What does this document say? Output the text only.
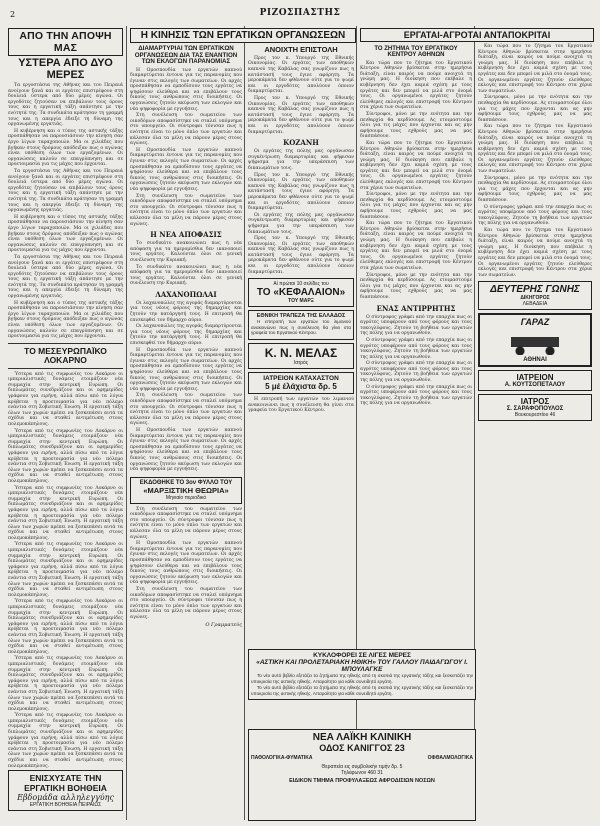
2	ΡΙΖΟΣΠΑΣΤΗΣ
ΑΠΟ ΤΗΝ ΑΠΟΨΗ ΜΑΣ
ΥΣΤΕΡΑ ΑΠΟ ΔΥΟ ΜΕΡΕΣ

Τα εργοστάσια της Αθήνας και του Πειραιά ανοίγουν ξανά και οι εργάτες επιστρέφουν στη δουλειά ύστερα από δύο μέρες αγώνα. Οι εργοδότες ζητούσαν να επιβάλουν τους όρους τους και η εργατική τάξη απάντησε με την ενότητά της. Τα συνδικάτα κράτησαν τη γραμμή τους και η απεργία έδειξε τη δύναμη της οργανωμένης εργατιάς.

Η κυβέρνηση και ο τύπος της αστικής τάξης προσπάθησαν να παρουσιάσουν την κίνηση σαν έργο λίγων ταραχοποιών. Μα οι χιλιάδες που βγήκαν στους δρόμους απόδειξαν πως ο αγώνας είναι υπόθεση όλων των εργαζομένων. Οι οργανώσεις καλούν σε επαγρύπνηση και σε προετοιμασία για τις μάχες που έρχονται.

Τα εργοστάσια της Αθήνας και του Πειραιά ανοίγουν ξανά και οι εργάτες επιστρέφουν στη δουλειά ύστερα από δύο μέρες αγώνα. Οι εργοδότες ζητούσαν να επιβάλουν τους όρους τους και η εργατική τάξη απάντησε με την ενότητά της. Τα συνδικάτα κράτησαν τη γραμμή τους και η απεργία έδειξε τη δύναμη της οργανωμένης εργατιάς.

Η κυβέρνηση και ο τύπος της αστικής τάξης προσπάθησαν να παρουσιάσουν την κίνηση σαν έργο λίγων ταραχοποιών. Μα οι χιλιάδες που βγήκαν στους δρόμους απόδειξαν πως ο αγώνας είναι υπόθεση όλων των εργαζομένων. Οι οργανώσεις καλούν σε επαγρύπνηση και σε προετοιμασία για τις μάχες που έρχονται.

Τα εργοστάσια της Αθήνας και του Πειραιά ανοίγουν ξανά και οι εργάτες επιστρέφουν στη δουλειά ύστερα από δύο μέρες αγώνα. Οι εργοδότες ζητούσαν να επιβάλουν τους όρους τους και η εργατική τάξη απάντησε με την ενότητά της. Τα συνδικάτα κράτησαν τη γραμμή τους και η απεργία έδειξε τη δύναμη της οργανωμένης εργατιάς.

Η κυβέρνηση και ο τύπος της αστικής τάξης προσπάθησαν να παρουσιάσουν την κίνηση σαν έργο λίγων ταραχοποιών. Μα οι χιλιάδες που βγήκαν στους δρόμους απόδειξαν πως ο αγώνας είναι υπόθεση όλων των εργαζομένων. Οι οργανώσεις καλούν σε επαγρύπνηση και σε προετοιμασία για τις μάχες που έρχονται.

ΤΟ ΜΕΣΕΥΡΩΠΑΪΚΟ ΛΟΚΑΡΝΟ

Ύστερα από τις συμφωνίες του Λοκάρνο οι ιμπεριαλιστικές δυνάμεις ετοιμάζουν νέα συμμαχία στην κεντρική Ευρώπη. Οι διπλωμάτες συνεδριάζουν και οι εφημερίδες γράφουν για ειρήνη, αλλά πίσω από τα λόγια κρύβεται η προετοιμασία για νέο πόλεμο ενάντια στη Σοβιετική Ένωση. Η εργατική τάξη όλων των χωρών πρέπει να ξεσκεπάσει αυτά τα σχέδια και να σταθεί αντιμέτωπη στους πολεμοκάπηλους.

Ύστερα από τις συμφωνίες του Λοκάρνο οι ιμπεριαλιστικές δυνάμεις ετοιμάζουν νέα συμμαχία στην κεντρική Ευρώπη. Οι διπλωμάτες συνεδριάζουν και οι εφημερίδες γράφουν για ειρήνη, αλλά πίσω από τα λόγια κρύβεται η προετοιμασία για νέο πόλεμο ενάντια στη Σοβιετική Ένωση. Η εργατική τάξη όλων των χωρών πρέπει να ξεσκεπάσει αυτά τα σχέδια και να σταθεί αντιμέτωπη στους πολεμοκάπηλους.

Ύστερα από τις συμφωνίες του Λοκάρνο οι ιμπεριαλιστικές δυνάμεις ετοιμάζουν νέα συμμαχία στην κεντρική Ευρώπη. Οι διπλωμάτες συνεδριάζουν και οι εφημερίδες γράφουν για ειρήνη, αλλά πίσω από τα λόγια κρύβεται η προετοιμασία για νέο πόλεμο ενάντια στη Σοβιετική Ένωση. Η εργατική τάξη όλων των χωρών πρέπει να ξεσκεπάσει αυτά τα σχέδια και να σταθεί αντιμέτωπη στους πολεμοκάπηλους.

Ύστερα από τις συμφωνίες του Λοκάρνο οι ιμπεριαλιστικές δυνάμεις ετοιμάζουν νέα συμμαχία στην κεντρική Ευρώπη. Οι διπλωμάτες συνεδριάζουν και οι εφημερίδες γράφουν για ειρήνη, αλλά πίσω από τα λόγια κρύβεται η προετοιμασία για νέο πόλεμο ενάντια στη Σοβιετική Ένωση. Η εργατική τάξη όλων των χωρών πρέπει να ξεσκεπάσει αυτά τα σχέδια και να σταθεί αντιμέτωπη στους πολεμοκάπηλους.

Ύστερα από τις συμφωνίες του Λοκάρνο οι ιμπεριαλιστικές δυνάμεις ετοιμάζουν νέα συμμαχία στην κεντρική Ευρώπη. Οι διπλωμάτες συνεδριάζουν και οι εφημερίδες γράφουν για ειρήνη, αλλά πίσω από τα λόγια κρύβεται η προετοιμασία για νέο πόλεμο ενάντια στη Σοβιετική Ένωση. Η εργατική τάξη όλων των χωρών πρέπει να ξεσκεπάσει αυτά τα σχέδια και να σταθεί αντιμέτωπη στους πολεμοκάπηλους.

Ύστερα από τις συμφωνίες του Λοκάρνο οι ιμπεριαλιστικές δυνάμεις ετοιμάζουν νέα συμμαχία στην κεντρική Ευρώπη. Οι διπλωμάτες συνεδριάζουν και οι εφημερίδες γράφουν για ειρήνη, αλλά πίσω από τα λόγια κρύβεται η προετοιμασία για νέο πόλεμο ενάντια στη Σοβιετική Ένωση. Η εργατική τάξη όλων των χωρών πρέπει να ξεσκεπάσει αυτά τα σχέδια και να σταθεί αντιμέτωπη στους πολεμοκάπηλους.

Ύστερα από τις συμφωνίες του Λοκάρνο οι ιμπεριαλιστικές δυνάμεις ετοιμάζουν νέα συμμαχία στην κεντρική Ευρώπη. Οι διπλωμάτες συνεδριάζουν και οι εφημερίδες γράφουν για ειρήνη, αλλά πίσω από τα λόγια κρύβεται η προετοιμασία για νέο πόλεμο ενάντια στη Σοβιετική Ένωση. Η εργατική τάξη όλων των χωρών πρέπει να ξεσκεπάσει αυτά τα σχέδια και να σταθεί αντιμέτωπη στους πολεμοκάπηλους.

ΕΝΙΣΧΥΣΑΤΕ ΤΗΝ ΕΡΓΑΤΙΚΗ ΒΟΗΘΕΙΑ
Εβδομάδα αλληλεγγύης
ΕΡΓΑΤΙΚΗ ΒΟΗΘΕΙΑ ΠΕΙΡΑΙΩΣ
Η ΚΙΝΗΣΙΣ ΤΩΝ ΕΡΓΑΤΙΚΩΝ ΟΡΓΑΝΩΣΕΩΝ
ΔΙΑΜΑΡΤΥΡΙΑΙ ΤΩΝ ΕΡΓΑΤΙΚΩΝ ΟΡΓΑΝΩΣΕΩΝ ΔΙΑ ΤΑΣ ΕΝΑΝΤΙΟΝ ΤΩΝ ΕΚΛΟΓΩΝ ΠΑΡΑΝΟΜΙΑΣ

Η Ομοσπονδία των εργατών καπνού διαμαρτύρεται έντονα για τις παρανομίες που έγιναν στις εκλογές των σωματείων. Οι αρχές προσπάθησαν να εμποδίσουν τους εργάτες να ψηφίσουν ελεύθερα και να επιβάλουν τους δικούς τους ανθρώπους στις διοικήσεις. Οι οργανώσεις ζητούν ακύρωση των εκλογών και νέα ψηφοφορία με εγγυήσεις.

Στη συνέλευση του σωματείου των οικοδόμων αποφασίστηκε να σταλεί υπόμνημα στο υπουργείο. Οι σύντροφοι τόνισαν πως η ενότητα είναι το μόνο όπλο των εργατών και κάλεσαν όλα τα μέλη να πάρουν μέρος στους αγώνες.

Η Ομοσπονδία των εργατών καπνού διαμαρτύρεται έντονα για τις παρανομίες που έγιναν στις εκλογές των σωματείων. Οι αρχές προσπάθησαν να εμποδίσουν τους εργάτες να ψηφίσουν ελεύθερα και να επιβάλουν τους δικούς τους ανθρώπους στις διοικήσεις. Οι οργανώσεις ζητούν ακύρωση των εκλογών και νέα ψηφοφορία με εγγυήσεις.

Στη συνέλευση του σωματείου των οικοδόμων αποφασίστηκε να σταλεί υπόμνημα στο υπουργείο. Οι σύντροφοι τόνισαν πως η ενότητα είναι το μόνο όπλο των εργατών και κάλεσαν όλα τα μέλη να πάρουν μέρος στους αγώνες.

Η ΝΕΑ ΑΠΟΦΑΣΙΣ

Το συνδικάτο ανακοινώνει πως η νέα απόφαση για τα ημερομίσθια δεν ικανοποιεί τους εργάτες. Καλούνται όλοι σε γενική συνέλευση την Κυριακή.

Το συνδικάτο ανακοινώνει πως η νέα απόφαση για τα ημερομίσθια δεν ικανοποιεί τους εργάτες. Καλούνται όλοι σε γενική συνέλευση την Κυριακή.

ΛΑΧΑΝΟΠΩΛΑΙ

Οι λαχανοπώλες της αγοράς διαμαρτύρονται για τους νέους φόρους της δημαρχίας και ζητούν την κατάργησή τους. Η επιτροπή θα επισκεφθεί τον δήμαρχο αύριο.

Οι λαχανοπώλες της αγοράς διαμαρτύρονται για τους νέους φόρους της δημαρχίας και ζητούν την κατάργησή τους. Η επιτροπή θα επισκεφθεί τον δήμαρχο αύριο.

Η Ομοσπονδία των εργατών καπνού διαμαρτύρεται έντονα για τις παρανομίες που έγιναν στις εκλογές των σωματείων. Οι αρχές προσπάθησαν να εμποδίσουν τους εργάτες να ψηφίσουν ελεύθερα και να επιβάλουν τους δικούς τους ανθρώπους στις διοικήσεις. Οι οργανώσεις ζητούν ακύρωση των εκλογών και νέα ψηφοφορία με εγγυήσεις.

Στη συνέλευση του σωματείου των οικοδόμων αποφασίστηκε να σταλεί υπόμνημα στο υπουργείο. Οι σύντροφοι τόνισαν πως η ενότητα είναι το μόνο όπλο των εργατών και κάλεσαν όλα τα μέλη να πάρουν μέρος στους αγώνες.

Η Ομοσπονδία των εργατών καπνού διαμαρτύρεται έντονα για τις παρανομίες που έγιναν στις εκλογές των σωματείων. Οι αρχές προσπάθησαν να εμποδίσουν τους εργάτες να ψηφίσουν ελεύθερα και να επιβάλουν τους δικούς τους ανθρώπους στις διοικήσεις. Οι οργανώσεις ζητούν ακύρωση των εκλογών και νέα ψηφοφορία με εγγυήσεις.

ΕΚΔΟΘΗΚΕ ΤΟ 3ον ΦΥΛΛΟ ΤΟΥ
«ΜΑΡΞΙΣΤΙΚΗ ΘΕΩΡΙΑ»
Μηνιαίο περιοδικό

Στη συνέλευση του σωματείου των οικοδόμων αποφασίστηκε να σταλεί υπόμνημα στο υπουργείο. Οι σύντροφοι τόνισαν πως η ενότητα είναι το μόνο όπλο των εργατών και κάλεσαν όλα τα μέλη να πάρουν μέρος στους αγώνες.

Η Ομοσπονδία των εργατών καπνού διαμαρτύρεται έντονα για τις παρανομίες που έγιναν στις εκλογές των σωματείων. Οι αρχές προσπάθησαν να εμποδίσουν τους εργάτες να ψηφίσουν ελεύθερα και να επιβάλουν τους δικούς τους ανθρώπους στις διοικήσεις. Οι οργανώσεις ζητούν ακύρωση των εκλογών και νέα ψηφοφορία με εγγυήσεις.

Στη συνέλευση του σωματείου των οικοδόμων αποφασίστηκε να σταλεί υπόμνημα στο υπουργείο. Οι σύντροφοι τόνισαν πως η ενότητα είναι το μόνο όπλο των εργατών και κάλεσαν όλα τα μέλη να πάρουν μέρος στους αγώνες.

Ο Γραμματεύς
ΑΝΟΙΧΤΗ ΕΠΙΣΤΟΛΗ

Προς τον κ. Υπουργό της Εθνικής Οικονομίας. Οι εργάτες των αποθηκών καπνού της Καβάλας σας γνωρίζουν πως η κατάστασή τους έγινε αφόρητη. Τα μεροκάματα δεν φθάνουν ούτε για το ψωμί και οι εργοδότες απολύουν όποιον διαμαρτύρεται.

Προς τον κ. Υπουργό της Εθνικής Οικονομίας. Οι εργάτες των αποθηκών καπνού της Καβάλας σας γνωρίζουν πως η κατάστασή τους έγινε αφόρητη. Τα μεροκάματα δεν φθάνουν ούτε για το ψωμί και οι εργοδότες απολύουν όποιον διαμαρτύρεται.

ΚΟΖΑΝΗ

Οι εργάτες της πόλης μας οργάνωσαν συγκέντρωση διαμαρτυρίας και ψήφισαν ψήφισμα για την υπεράσπιση των δικαιωμάτων τους.

Προς τον κ. Υπουργό της Εθνικής Οικονομίας. Οι εργάτες των αποθηκών καπνού της Καβάλας σας γνωρίζουν πως η κατάστασή τους έγινε αφόρητη. Τα μεροκάματα δεν φθάνουν ούτε για το ψωμί και οι εργοδότες απολύουν όποιον διαμαρτύρεται.

Οι εργάτες της πόλης μας οργάνωσαν συγκέντρωση διαμαρτυρίας και ψήφισαν ψήφισμα για την υπεράσπιση των δικαιωμάτων τους.

Προς τον κ. Υπουργό της Εθνικής Οικονομίας. Οι εργάτες των αποθηκών καπνού της Καβάλας σας γνωρίζουν πως η κατάστασή τους έγινε αφόρητη. Τα μεροκάματα δεν φθάνουν ούτε για το ψωμί και οι εργοδότες απολύουν όποιον διαμαρτύρεται.

Αί πρώται 10 σελίδες του
ΤΟ «ΚΕΦΑΛΑΙΟΝ»
ΤΟΥ ΜΑΡΞ
ΕΘΝΙΚΗ ΤΡΑΠΕΖΑ ΤΗΣ ΕΛΛΑΔΟΣ

Η επιτροπή των εργατών του λιμανιού ανακοινώνει πως η συνέλευση θα γίνει στα γραφεία του Εργατικού Κέντρου.

Κ. Ν. ΜΕΛΑΣ
Ιατρός
ΙΑΤΡΕΙΟΝ ΚΑΤΑΧΑΣΤΟΝ
5 μέ έλάχιστα δρ. 5

Η επιτροπή των εργατών του λιμανιού ανακοινώνει πως η συνέλευση θα γίνει στα γραφεία του Εργατικού Κέντρου.

ΕΡΓΑΤΑΙ-ΑΓΡΟΤΑΙ ΑΝΤΑΠΟΚΡΙΤΑΙ
ΤΟ ΖΗΤΗΜΑ ΤΟΥ ΕΡΓΑΤΙΚΟΥ ΚΕΝΤΡΟΥ ΑΘΗΝΩΝ

Και τώρα που το ζήτημα του Εργατικού Κέντρου Αθηνών βρίσκεται στην ημερήσια διάταξη, είναι καιρός να πούμε ανοιχτά τη γνώμη μας. Η διοίκηση που επέβαλε η κυβέρνηση δεν έχει καμιά σχέση με τους εργάτες και δεν μπορεί να μιλά στο όνομά τους. Οι οργανωμένοι εργάτες ζητούν ελεύθερες εκλογές και επιστροφή του Κέντρου στα χέρια των σωματείων.

Σύντροφοι, μόνο με την ενότητα και την πειθαρχία θα κερδίσουμε. Ας ετοιμαστούμε όλοι για τις μάχες που έρχονται και ας μην αφήσουμε τους εχθρούς μας να μας διασπάσουν.

Και τώρα που το ζήτημα του Εργατικού Κέντρου Αθηνών βρίσκεται στην ημερήσια διάταξη, είναι καιρός να πούμε ανοιχτά τη γνώμη μας. Η διοίκηση που επέβαλε η κυβέρνηση δεν έχει καμιά σχέση με τους εργάτες και δεν μπορεί να μιλά στο όνομά τους. Οι οργανωμένοι εργάτες ζητούν ελεύθερες εκλογές και επιστροφή του Κέντρου στα χέρια των σωματείων.

Σύντροφοι, μόνο με την ενότητα και την πειθαρχία θα κερδίσουμε. Ας ετοιμαστούμε όλοι για τις μάχες που έρχονται και ας μην αφήσουμε τους εχθρούς μας να μας διασπάσουν.

Και τώρα που το ζήτημα του Εργατικού Κέντρου Αθηνών βρίσκεται στην ημερήσια διάταξη, είναι καιρός να πούμε ανοιχτά τη γνώμη μας. Η διοίκηση που επέβαλε η κυβέρνηση δεν έχει καμιά σχέση με τους εργάτες και δεν μπορεί να μιλά στο όνομά τους. Οι οργανωμένοι εργάτες ζητούν ελεύθερες εκλογές και επιστροφή του Κέντρου στα χέρια των σωματείων.

Σύντροφοι, μόνο με την ενότητα και την πειθαρχία θα κερδίσουμε. Ας ετοιμαστούμε όλοι για τις μάχες που έρχονται και ας μην αφήσουμε τους εχθρούς μας να μας διασπάσουν.

ΕΝΑΣ ΑΝΤΙΡΡΗΤΗΣ

Ο σύντροφος γράφει από την επαρχία πως οι αγρότες υποφέρουν από τους φόρους και τους τοκογλύφους. Ζητούν τη βοήθεια των εργατών της πόλης για να οργανωθούν.

Ο σύντροφος γράφει από την επαρχία πως οι αγρότες υποφέρουν από τους φόρους και τους τοκογλύφους. Ζητούν τη βοήθεια των εργατών της πόλης για να οργανωθούν.

Ο σύντροφος γράφει από την επαρχία πως οι αγρότες υποφέρουν από τους φόρους και τους τοκογλύφους. Ζητούν τη βοήθεια των εργατών της πόλης για να οργανωθούν.

Ο σύντροφος γράφει από την επαρχία πως οι αγρότες υποφέρουν από τους φόρους και τους τοκογλύφους. Ζητούν τη βοήθεια των εργατών της πόλης για να οργανωθούν.

Και τώρα που το ζήτημα του Εργατικού Κέντρου Αθηνών βρίσκεται στην ημερήσια διάταξη, είναι καιρός να πούμε ανοιχτά τη γνώμη μας. Η διοίκηση που επέβαλε η κυβέρνηση δεν έχει καμιά σχέση με τους εργάτες και δεν μπορεί να μιλά στο όνομά τους. Οι οργανωμένοι εργάτες ζητούν ελεύθερες εκλογές και επιστροφή του Κέντρου στα χέρια των σωματείων.

Σύντροφοι, μόνο με την ενότητα και την πειθαρχία θα κερδίσουμε. Ας ετοιμαστούμε όλοι για τις μάχες που έρχονται και ας μην αφήσουμε τους εχθρούς μας να μας διασπάσουν.

Και τώρα που το ζήτημα του Εργατικού Κέντρου Αθηνών βρίσκεται στην ημερήσια διάταξη, είναι καιρός να πούμε ανοιχτά τη γνώμη μας. Η διοίκηση που επέβαλε η κυβέρνηση δεν έχει καμιά σχέση με τους εργάτες και δεν μπορεί να μιλά στο όνομά τους. Οι οργανωμένοι εργάτες ζητούν ελεύθερες εκλογές και επιστροφή του Κέντρου στα χέρια των σωματείων.

Σύντροφοι, μόνο με την ενότητα και την πειθαρχία θα κερδίσουμε. Ας ετοιμαστούμε όλοι για τις μάχες που έρχονται και ας μην αφήσουμε τους εχθρούς μας να μας διασπάσουν.

Ο σύντροφος γράφει από την επαρχία πως οι αγρότες υποφέρουν από τους φόρους και τους τοκογλύφους. Ζητούν τη βοήθεια των εργατών της πόλης για να οργανωθούν.

Και τώρα που το ζήτημα του Εργατικού Κέντρου Αθηνών βρίσκεται στην ημερήσια διάταξη, είναι καιρός να πούμε ανοιχτά τη γνώμη μας. Η διοίκηση που επέβαλε η κυβέρνηση δεν έχει καμιά σχέση με τους εργάτες και δεν μπορεί να μιλά στο όνομά τους. Οι οργανωμένοι εργάτες ζητούν ελεύθερες εκλογές και επιστροφή του Κέντρου στα χέρια των σωματείων.

ΔΕΥΤΕΡΗΣ ΓΩΝΗΣ
ΔΙΚΗΓΟΡΟΣ
ΛΕΒΑΔΕΙΑ
ΓΑΡΑΖ
ΑΘΗΝΑΙ
ΙΑΤΡΕΙΟΝ
Α. ΚΟΥΤΣΟΠΕΤΑΛΟΥ
ΙΑΤΡΟΣ
Σ. ΣΑΡΑΦΟΠΟΥΛΟΣ
Βουκουρεστίου 46
ΚΥΚΛΟΦΟΡΕΙ ΣΕ ΛΙΓΕΣ ΜΕΡΕΣ
«ΑΣΤΙΚΗ ΚΑΙ ΠΡΟΛΕΤΑΡΙΑΚΗ ΗΘΙΚΗ» ΤΟΥ ΓΑΛΛΟΥ ΠΑΙΔΑΓΩΓΟΥ Ι. ΜΠΟΥΛΑΓΚΕ

Το νέο αυτό βιβλίο εξετάζει τα ζητήματα της ηθικής από τη σκοπιά της εργατικής τάξης και ξεσκεπάζει την υποκρισία της αστικής ηθικής. Απαραίτητο για κάθε συνειδητό εργάτη.

Το νέο αυτό βιβλίο εξετάζει τα ζητήματα της ηθικής από τη σκοπιά της εργατικής τάξης και ξεσκεπάζει την υποκρισία της αστικής ηθικής. Απαραίτητο για κάθε συνειδητό εργάτη.

ΝΕΑ ΛΑΪΚΗ ΚΛΙΝΙΚΗ
ΟΔΟΣ ΚΑΝΙΓΓΟΣ 23
ΠΑΘΟΛΟΓΙΚΑ-ΦΥΜΑΤΙΚΑ	ΟΦΘΑΛΜΟΛΟΓΙΚΑ
Θεραπεία εις συμβολικήν τιμήν δρ. 5
Τηλέφωνον 460 31
ΕΙΔΙΚΟΝ ΤΜΗΜΑ ΠΡΟΦΥΛΑΞΕΩΣ ΑΦΡΟΔΙΣΙΩΝ ΝΟΣΩΝ
